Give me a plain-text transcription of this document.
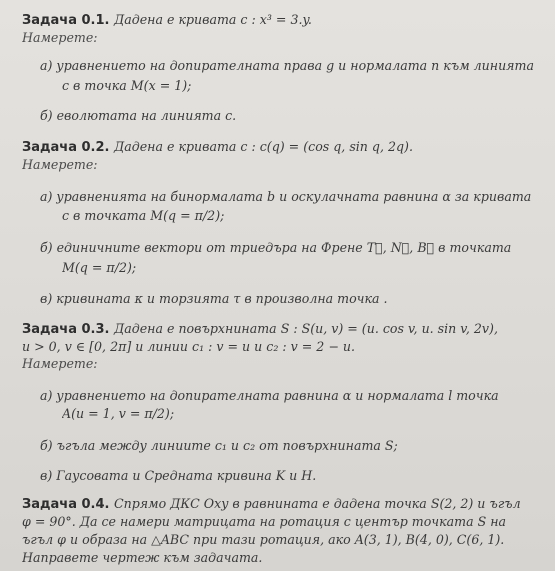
Задача 0.1. Дадена е кривата c : x³ = 3.y.
Намерете:
а) уравнението на допирателната права g и нормалата n към линията
c в точка M(x = 1);
б) еволютата на линията c.
Задача 0.2. Дадена е кривата c : c(q) = (cos q, sin q, 2q).
Намерете:
а) уравненията на бинормалата b и оскулачната равнина α за кривата
c в точката M(q = π/2);
б) единичните вектори от триедъра на Френе T⃗, N⃗, B⃗ в точката
M(q = π/2);
в) кривината κ и торзията τ в произволна точка .
Задача 0.3. Дадена е повърхнината S : S(u, v) = (u. cos v, u. sin v, 2v),
u > 0, v ∈ [0, 2π] и линии c₁ : v = u и c₂ : v = 2 − u.
Намерете:
а) уравнението на допирателната равнина α и нормалата l точка
A(u = 1, v = π/2);
б) ъгъла между линиите c₁ и c₂ от повърхнината S;
в) Гаусовата и Средната кривина K и H.
Задача 0.4. Спрямо ДКС Oxy в равнината е дадена точка S(2, 2) и ъгъл
φ = 90°. Да се намери матрицата на ротация с център точката S на
ъгъл φ и образа на △ABC при тази ротация, ако A(3, 1), B(4, 0), C(6, 1).
Направете чертеж към задачата.
